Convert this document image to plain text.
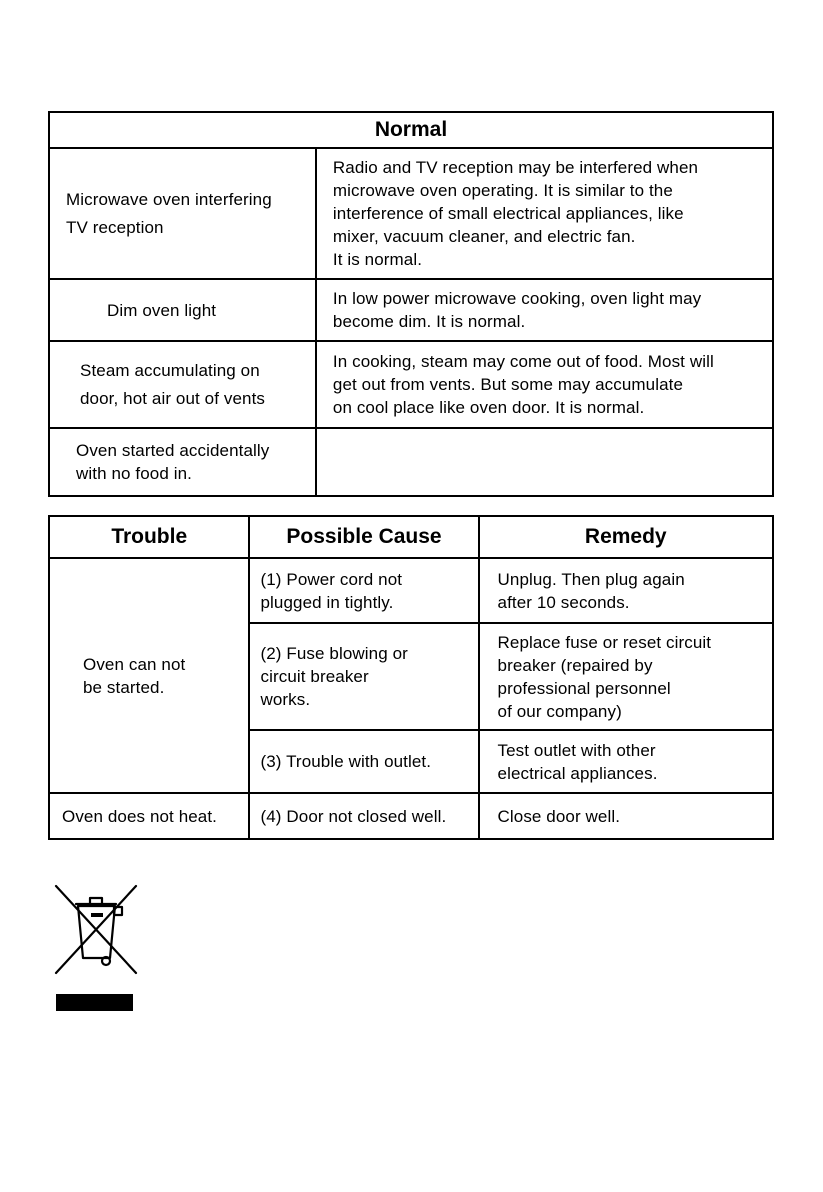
Normal	

Microwave oven interfering
TV reception	Radio and TV reception may be interfered when
microwave oven operating. It is similar to the
interference of small electrical appliances, like
mixer, vacuum cleaner, and electric fan.
It is normal.

Dim oven light	In low power microwave cooking, oven light may
become dim. It is normal.

Steam accumulating on
door, hot air out of vents	In cooking, steam may come out of food. Most will
get out from vents. But some may accumulate
on cool place like oven door. It is normal.

Oven started accidentally
with no food in.	

Trouble	Possible Cause	Remedy

Oven can not
be started.	(1) Power cord not
plugged in tightly.	Unplug. Then plug again
after 10 seconds.

	(2) Fuse blowing or
circuit breaker
works.	Replace fuse or reset circuit
breaker (repaired by
professional personnel
of our company)

	(3) Trouble with outlet.	Test outlet with other
electrical appliances.

Oven does not heat.	(4) Door not closed well.	Close door well.
